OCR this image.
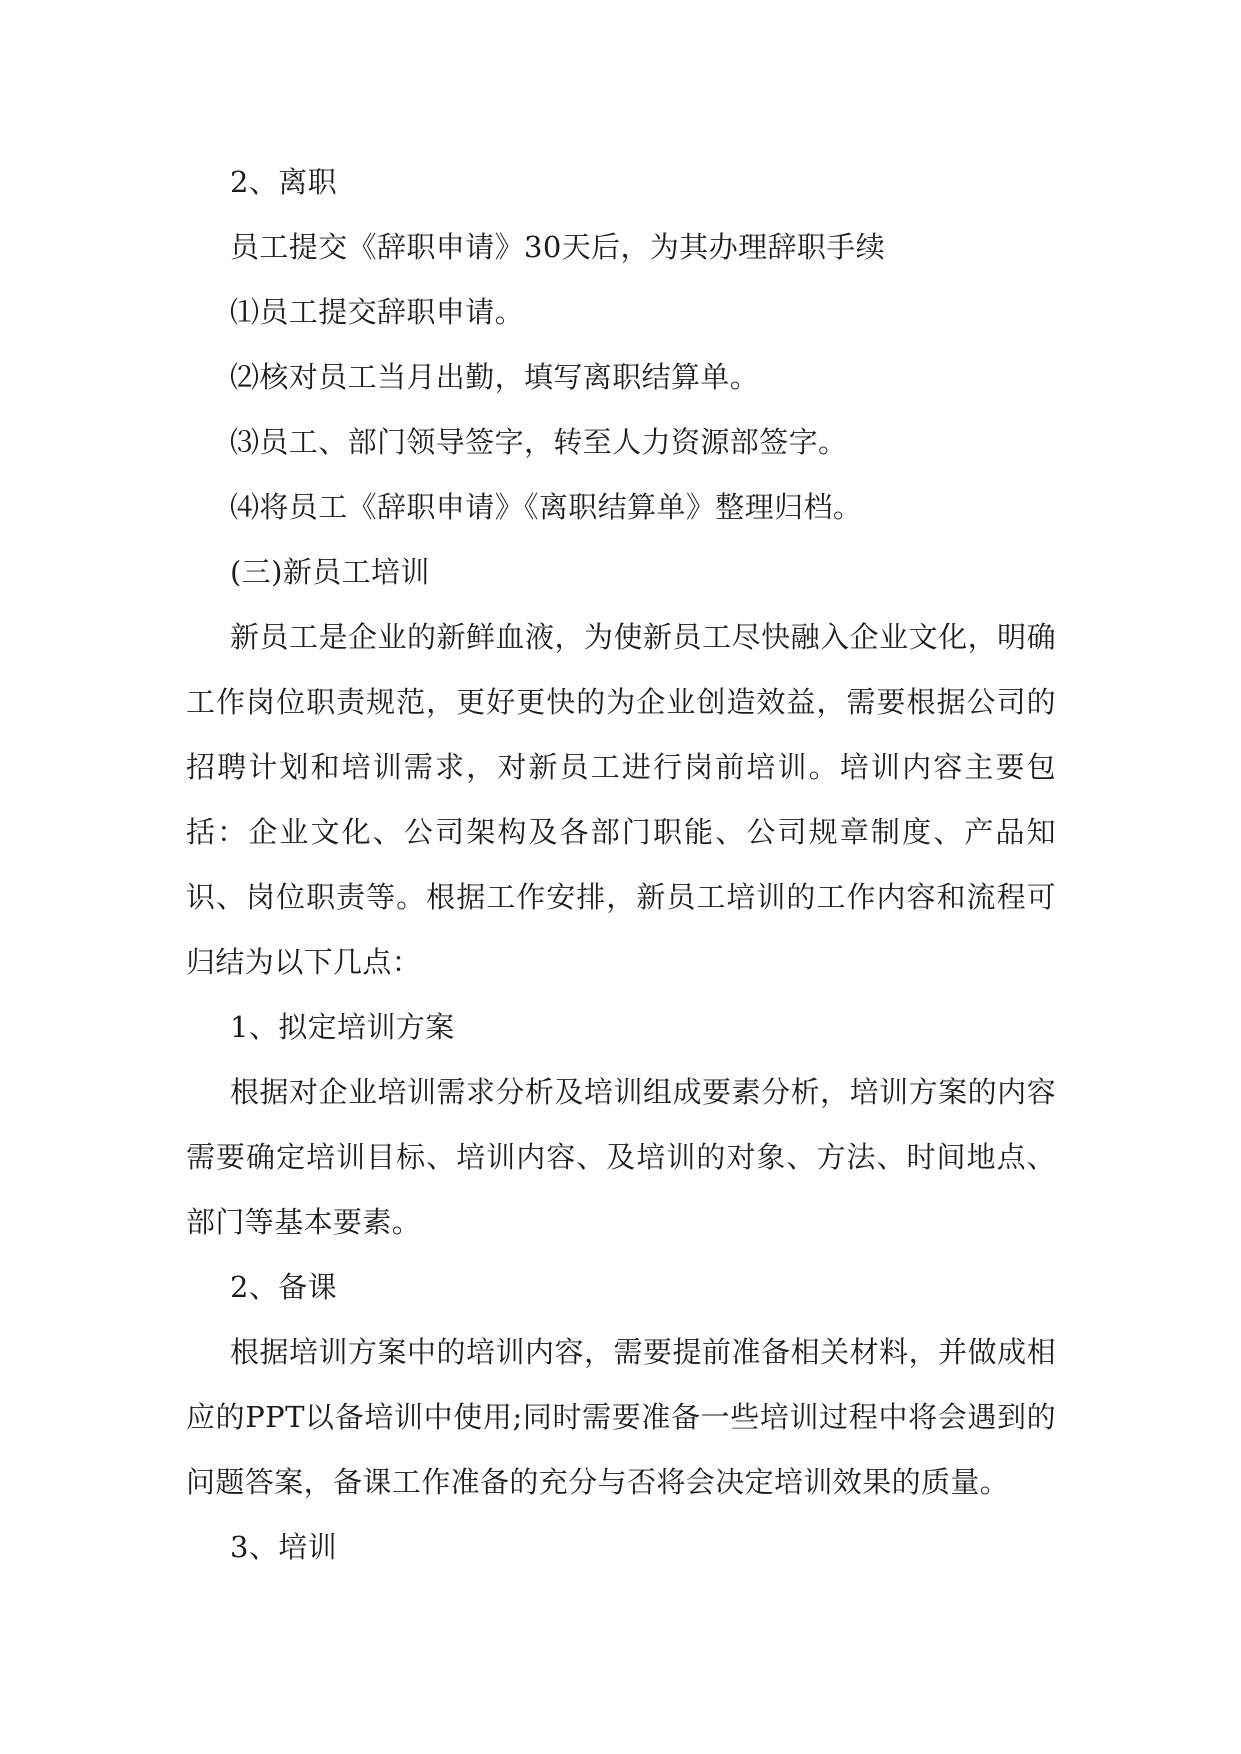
2、离职

员工提交《辞职申请》30天后，为其办理辞职手续

⑴员工提交辞职申请。

⑵核对员工当月出勤，填写离职结算单。

⑶员工、部门领导签字，转至人力资源部签字。

⑷将员工《辞职申请》《离职结算单》整理归档。

(三)新员工培训

新员工是企业的新鲜血液，为使新员工尽快融入企业文化，明确工作岗位职责规范，更好更快的为企业创造效益，需要根据公司的招聘计划和培训需求，对新员工进行岗前培训。培训内容主要包括：企业文化、公司架构及各部门职能、公司规章制度、产品知识、岗位职责等。根据工作安排，新员工培训的工作内容和流程可归结为以下几点：

1、拟定培训方案

根据对企业培训需求分析及培训组成要素分析，培训方案的内容需要确定培训目标、培训内容、及培训的对象、方法、时间地点、部门等基本要素。

2、备课

根据培训方案中的培训内容，需要提前准备相关材料，并做成相应的PPT以备培训中使用;同时需要准备一些培训过程中将会遇到的问题答案，备课工作准备的充分与否将会决定培训效果的质量。

3、培训
